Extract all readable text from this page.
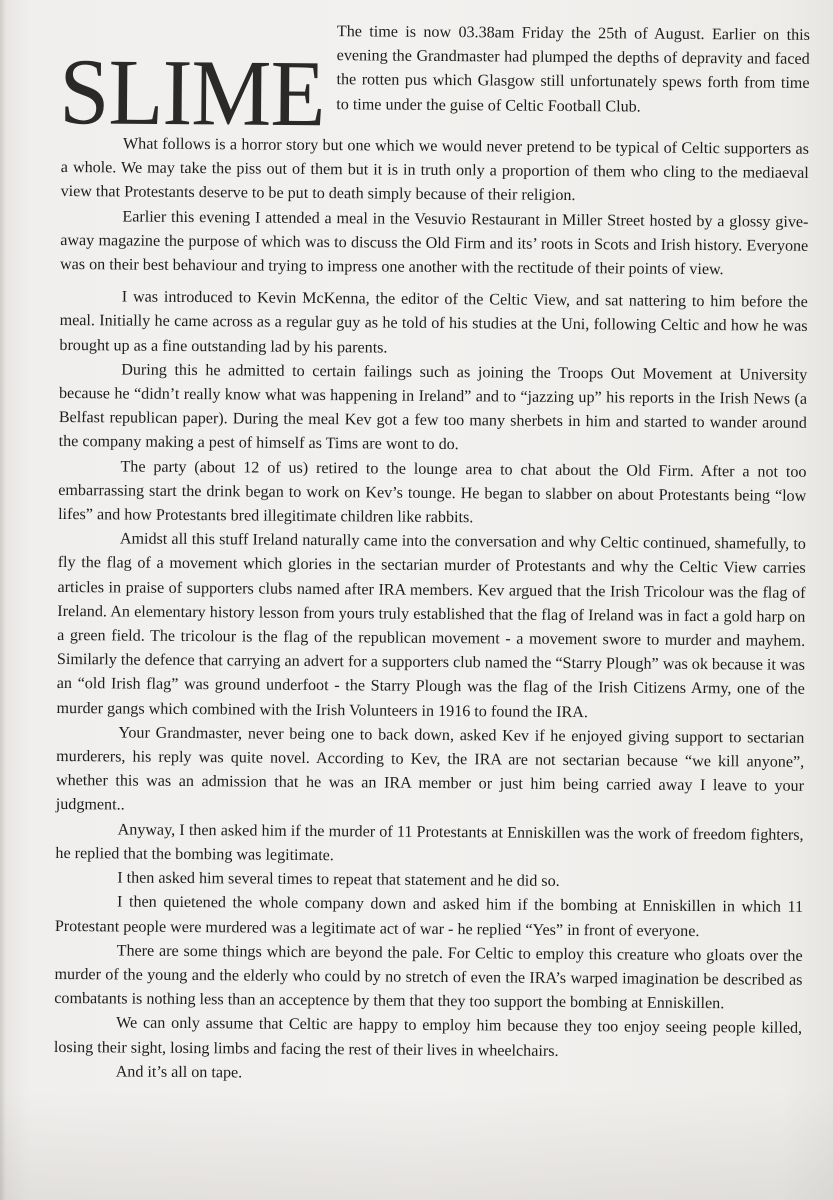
SLIME

The time is now 03.38am Friday the 25th of August. Earlier on this evening the Grandmaster had plumped the depths of depravity and faced the rotten pus which Glasgow still unfortunately spews forth from time to time under the guise of Celtic Football Club.

What follows is a horror story but one which we would never pretend to be typical of Celtic supporters as a whole. We may take the piss out of them but it is in truth only a proportion of them who cling to the mediaeval view that Protestants deserve to be put to death simply because of their religion.

Earlier this evening I attended a meal in the Vesuvio Restaurant in Miller Street hosted by a glossy give-away magazine the purpose of which was to discuss the Old Firm and its’ roots in Scots and Irish history. Everyone was on their best behaviour and trying to impress one another with the rectitude of their points of view.

I was introduced to Kevin McKenna, the editor of the Celtic View, and sat nattering to him before the meal. Initially he came across as a regular guy as he told of his studies at the Uni, following Celtic and how he was brought up as a fine outstanding lad by his parents.

During this he admitted to certain failings such as joining the Troops Out Movement at University because he “didn’t really know what was happening in Ireland” and to “jazzing up” his reports in the Irish News (a Belfast republican paper). During the meal Kev got a few too many sherbets in him and started to wander around the company making a pest of himself as Tims are wont to do.

The party (about 12 of us) retired to the lounge area to chat about the Old Firm. After a not too embarrassing start the drink began to work on Kev’s tounge. He began to slabber on about Protestants being “low lifes” and how Protestants bred illegitimate children like rabbits.

Amidst all this stuff Ireland naturally came into the conversation and why Celtic continued, shamefully, to fly the flag of a movement which glories in the sectarian murder of Protestants and why the Celtic View carries articles in praise of supporters clubs named after IRA members. Kev argued that the Irish Tricolour was the flag of Ireland. An elementary history lesson from yours truly established that the flag of Ireland was in fact a gold harp on a green field. The tricolour is the flag of the republican movement - a movement swore to murder and mayhem. Similarly the defence that carrying an advert for a supporters club named the “Starry Plough” was ok because it was an “old Irish flag” was ground underfoot - the Starry Plough was the flag of the Irish Citizens Army, one of the murder gangs which combined with the Irish Volunteers in 1916 to found the IRA.

Your Grandmaster, never being one to back down, asked Kev if he enjoyed giving support to sectarian murderers, his reply was quite novel. According to Kev, the IRA are not sectarian because “we kill anyone”, whether this was an admission that he was an IRA member or just him being carried away I leave to your judgment..

Anyway, I then asked him if the murder of 11 Protestants at Enniskillen was the work of freedom fighters, he replied that the bombing was legitimate.

I then asked him several times to repeat that statement and he did so.

I then quietened the whole company down and asked him if the bombing at Enniskillen in which 11 Protestant people were murdered was a legitimate act of war - he replied “Yes” in front of everyone.

There are some things which are beyond the pale. For Celtic to employ this creature who gloats over the murder of the young and the elderly who could by no stretch of even the IRA’s warped imagination be described as combatants is nothing less than an acceptence by them that they too support the bombing at Enniskillen.

We can only assume that Celtic are happy to employ him because they too enjoy seeing people killed, losing their sight, losing limbs and facing the rest of their lives in wheelchairs.

And it’s all on tape.
